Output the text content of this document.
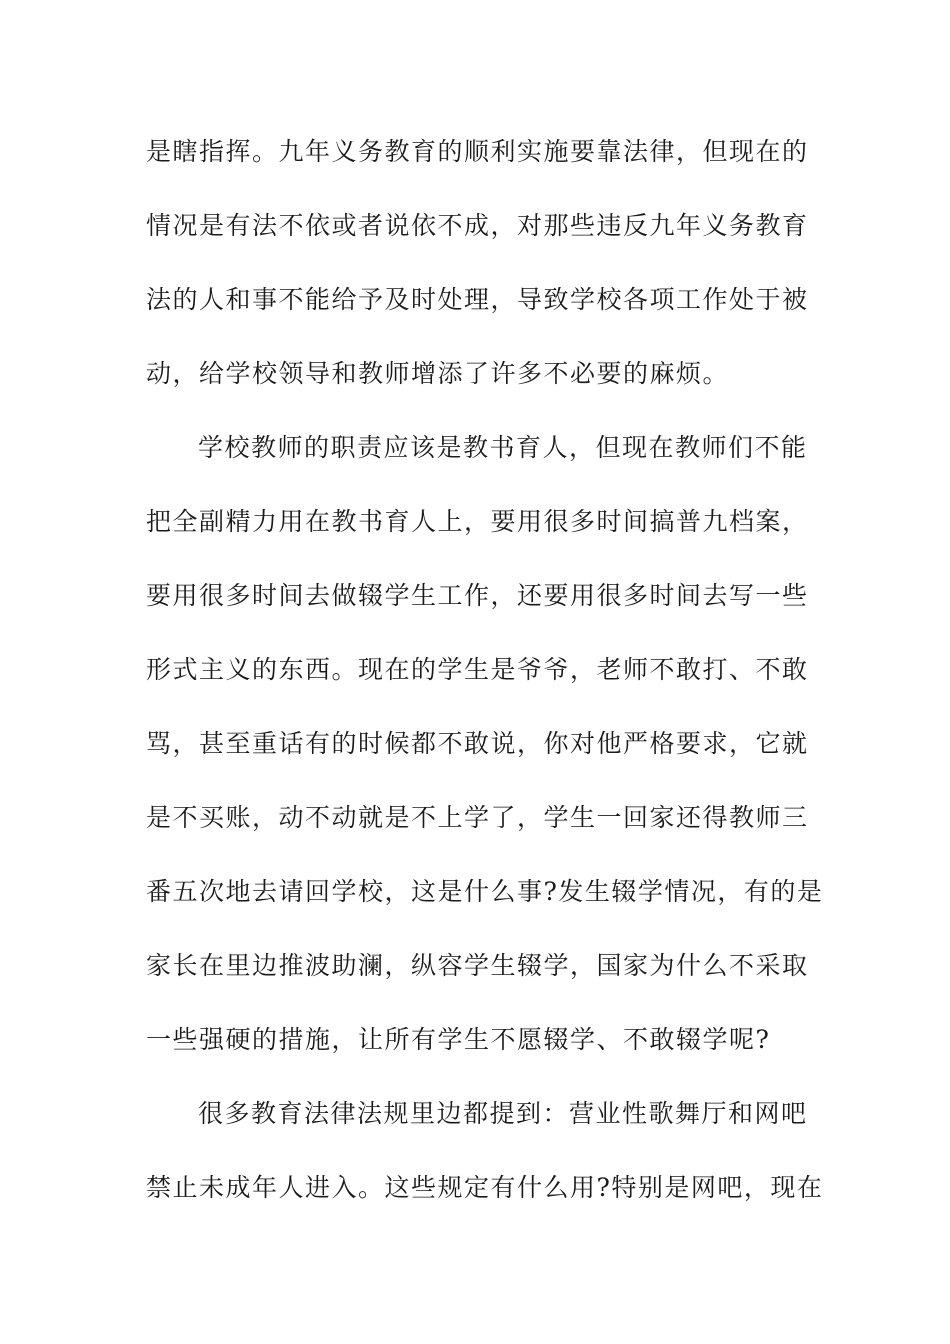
是瞎指挥。九年义务教育的顺利实施要靠法律，但现在的
情况是有法不依或者说依不成，对那些违反九年义务教育
法的人和事不能给予及时处理，导致学校各项工作处于被
动，给学校领导和教师增添了许多不必要的麻烦。
学校教师的职责应该是教书育人，但现在教师们不能
把全副精力用在教书育人上，要用很多时间搞普九档案，
要用很多时间去做辍学生工作，还要用很多时间去写一些
形式主义的东西。现在的学生是爷爷，老师不敢打、不敢
骂，甚至重话有的时候都不敢说，你对他严格要求，它就
是不买账，动不动就是不上学了，学生一回家还得教师三
番五次地去请回学校，这是什么事?发生辍学情况，有的是
家长在里边推波助澜，纵容学生辍学，国家为什么不采取
一些强硬的措施，让所有学生不愿辍学、不敢辍学呢?
很多教育法律法规里边都提到：营业性歌舞厅和网吧
禁止未成年人进入。这些规定有什么用?特别是网吧，现在
